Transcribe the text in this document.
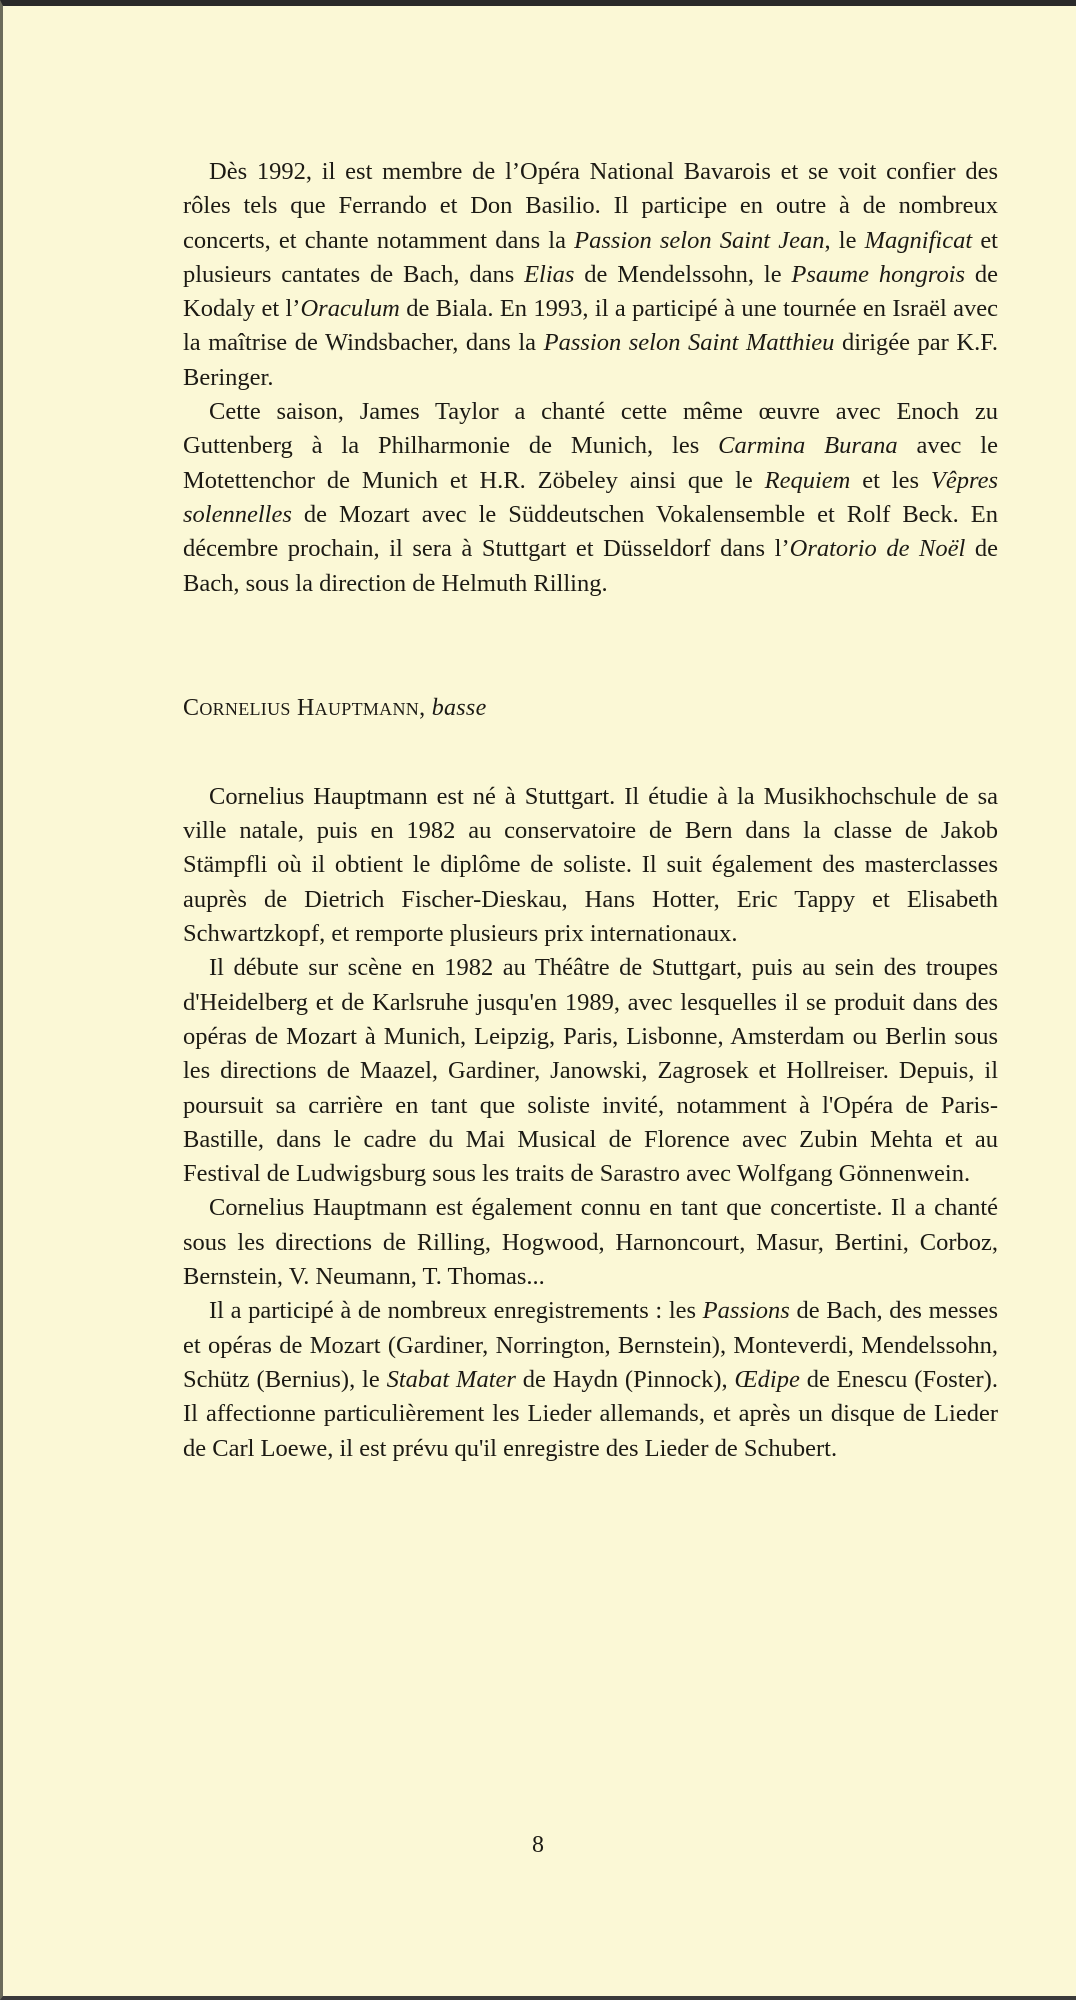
Dès 1992, il est membre de l’Opéra National Bavarois et se voit confier des rôles tels que Ferrando et Don Basilio. Il participe en outre à de nombreux concerts, et chante notamment dans la Passion selon Saint Jean, le Magnificat et plusieurs cantates de Bach, dans Elias de Mendelssohn, le Psaume hongrois de Kodaly et l’Oraculum de Biala. En 1993, il a participé à une tournée en Israël avec la maîtrise de Windsbacher, dans la Passion selon Saint Matthieu dirigée par K.F. Beringer.

Cette saison, James Taylor a chanté cette même œuvre avec Enoch zu Guttenberg à la Philharmonie de Munich, les Carmina Burana avec le Motettenchor de Munich et H.R. Zöbeley ainsi que le Requiem et les Vêpres solennelles de Mozart avec le Süddeutschen Vokalensemble et Rolf Beck. En décembre prochain, il sera à Stuttgart et Düsseldorf dans l’Oratorio de Noël de Bach, sous la direction de Helmuth Rilling.

CORNELIUS HAUPTMANN, basse

Cornelius Hauptmann est né à Stuttgart. Il étudie à la Musikhochschule de sa ville natale, puis en 1982 au conservatoire de Bern dans la classe de Jakob Stämpfli où il obtient le diplôme de soliste. Il suit également des masterclasses auprès de Dietrich Fischer-Dieskau, Hans Hotter, Eric Tappy et Elisabeth Schwartzkopf, et remporte plusieurs prix internationaux.

Il débute sur scène en 1982 au Théâtre de Stuttgart, puis au sein des troupes d'Heidelberg et de Karlsruhe jusqu'en 1989, avec lesquelles il se produit dans des opéras de Mozart à Munich, Leipzig, Paris, Lisbonne, Amsterdam ou Berlin sous les directions de Maazel, Gardiner, Janowski, Zagrosek et Hollreiser. Depuis, il poursuit sa carrière en tant que soliste invité, notamment à l'Opéra de Paris-Bastille, dans le cadre du Mai Musical de Florence avec Zubin Mehta et au Festival de Ludwigsburg sous les traits de Sarastro avec Wolfgang Gönnenwein.

Cornelius Hauptmann est également connu en tant que concertiste. Il a chanté sous les directions de Rilling, Hogwood, Harnoncourt, Masur, Bertini, Corboz, Bernstein, V. Neumann, T. Thomas...

Il a participé à de nombreux enregistrements : les Passions de Bach, des messes et opéras de Mozart (Gardiner, Norrington, Bernstein), Monteverdi, Mendelssohn, Schütz (Bernius), le Stabat Mater de Haydn (Pinnock), Œdipe de Enescu (Foster). Il affectionne particulièrement les Lieder allemands, et après un disque de Lieder de Carl Loewe, il est prévu qu'il enregistre des Lieder de Schubert.

8
